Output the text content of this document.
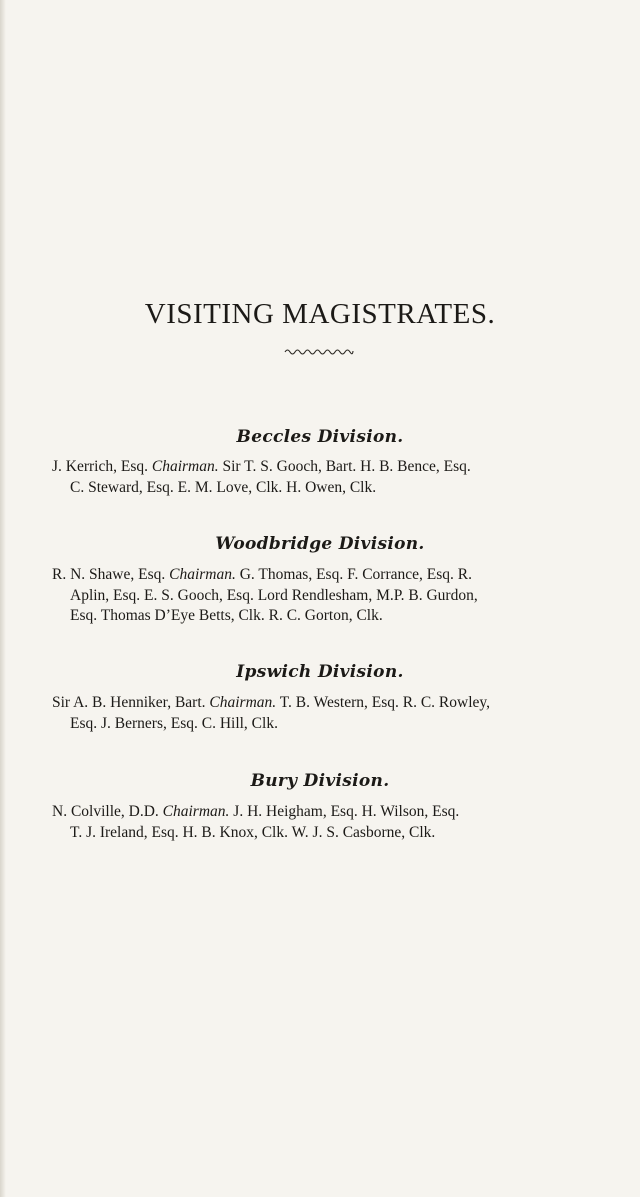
VISITING MAGISTRATES.
Beccles Division.
J. Kerrich, Esq. Chairman. Sir T. S. Gooch, Bart. H. B. Bence, Esq.
C. Steward, Esq. E. M. Love, Clk. H. Owen, Clk.
Woodbridge Division.
R. N. Shawe, Esq. Chairman. G. Thomas, Esq. F. Corrance, Esq. R.
Aplin, Esq. E. S. Gooch, Esq. Lord Rendlesham, M.P. B. Gurdon,
Esq. Thomas D’Eye Betts, Clk. R. C. Gorton, Clk.
Ipswich Division.
Sir A. B. Henniker, Bart. Chairman. T. B. Western, Esq. R. C. Rowley,
Esq. J. Berners, Esq. C. Hill, Clk.
Bury Division.
N. Colville, D.D. Chairman. J. H. Heigham, Esq. H. Wilson, Esq.
T. J. Ireland, Esq. H. B. Knox, Clk. W. J. S. Casborne, Clk.
